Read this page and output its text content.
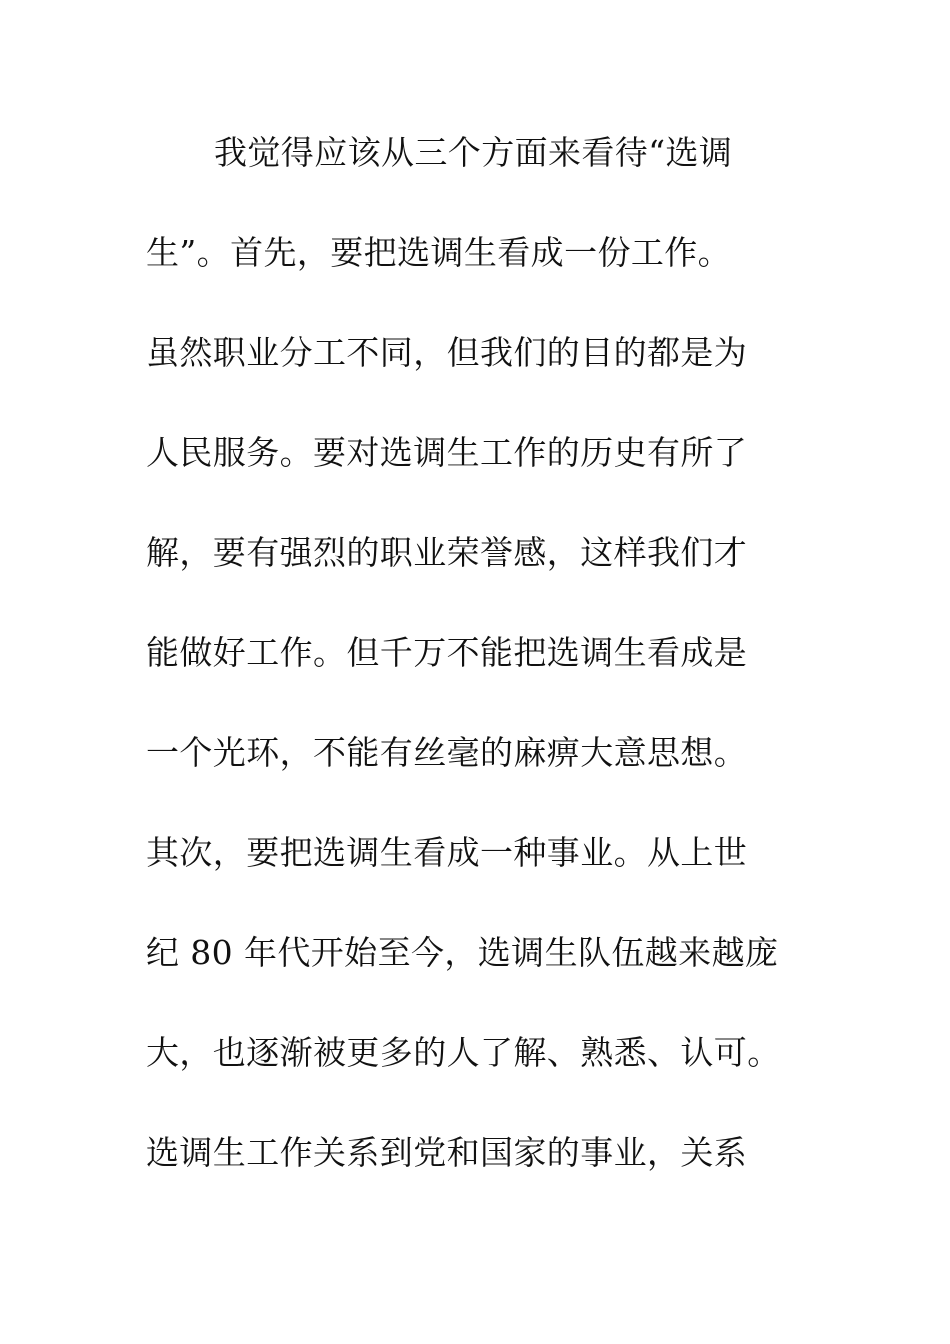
我觉得应该从三个方面来看待“选调
生”。首先，要把选调生看成一份工作。
虽然职业分工不同，但我们的目的都是为
人民服务。要对选调生工作的历史有所了
解，要有强烈的职业荣誉感，这样我们才
能做好工作。但千万不能把选调生看成是
一个光环，不能有丝毫的麻痹大意思想。
其次，要把选调生看成一种事业。从上世
纪 80 年代开始至今，选调生队伍越来越庞
大，也逐渐被更多的人了解、熟悉、认可。
选调生工作关系到党和国家的事业，关系
